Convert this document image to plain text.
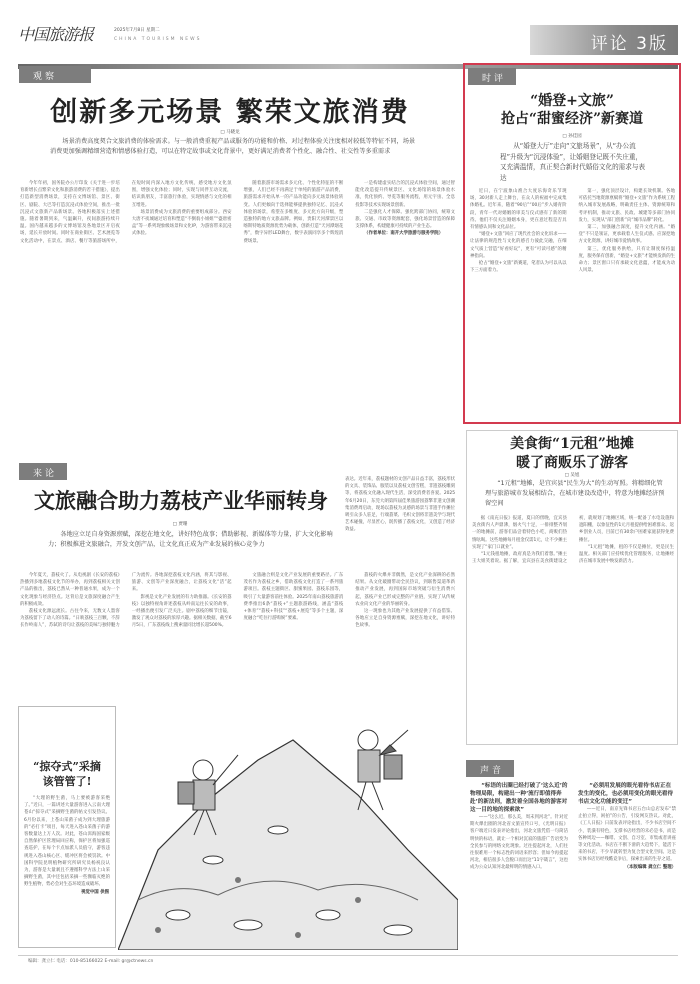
中国旅游报	2025年7月8日 星期二
CHINA TOURISM NEWS	评论 3版
观察
创新多元场景 繁荣文旅消费
□ 马晓龙
场景消费高度契合文旅消费的体验需求。与一般消费重视产品或服务的功能和价格、对过程体验关注度相对较低等特征不同，场景消费更加强调精细营造和情感体验打造，可以在特定故事或文化背景中，更好满足消费者个性化、融合性、社交性等多重需求

今年年初，国务院办公厅印发《关于进一步培育新增长点繁荣文化和旅游消费的若干措施》，提出打造新型消费场景，支持在文博场馆、景区、街区、剧院、大巴等打造沉浸式体验空间，推出一批沉浸式文旅新产品新场景。各地积极落实上述措施。随着暑期到来，气温飙升，夜间旅游持续升温。国内越来越多的文博场馆及各地景区开启夜场，延长开放时间。同时在商业街区、艺术展览等文化活动中，在景点、酒店、餐厅等旅游场所中，在短时间内深入地方文化传统，感受地方文化氛围，增强文化体验；同时，实现与同伴互动交流，结识新朋友，丰富旅行体验，实现情感与文化的相互增进。

场景消费成为文旅消费的重要组成部分。西安大唐不夜城通过培育和塑造“不倒翁小姐姐”“盛唐密盒”等一系列现象级场景和文化IP，为游客带来沉浸式体验。

随着旅游市场需求多元化、个性化特征的不断增强，人们已经不再满足于单纯的旅游产品消费，旅游需求开始从单一的产品功能向多元场景体验转变。人们更倾向于选择能够提供独特记忆、沉浸式体验的场景，希望在多维度、多元化方向升级，塑造独特的地方文旅品牌。例如，贵阳天河潭景区以喀斯特地质资源优势为载体，创新打造“天河潭烟花秀”，数字异形LED舞台，数字表演同享多个辉煌消费场景。

一是构建虚实结合的沉浸式体验空间，通过智能化改造提升传统景区、文化场馆的场景体验水准，优化预约、导览等服务流程，用元宇宙、全息投影等技术实现场景创新。

二是强化人才保障。强化跨部门协同，统筹文旅、交通、市政等资源配套，强化场景营造的保障支撑体系，构建健康可持续的产业生态。

（作者单位：南开大学旅游与服务学院）

来论
文旅融合助力荔枝产业华丽转身
表达。近年来，荔枝题材的文创产品日益丰富，荔枝形状的文具、装饰品、服装以及荔枝文创雪糕，非遗荔枝雕刻等，将荔枝文化融入现代生活，深受消费者喜爱。2025年6月20日，东莞大朗第四届佳果旅游园荔擎非遗文创潮集消费周启动，现场以荔枝为灵感的场景与非遗手作摊位吸引众多人驻足，行端荔菜、毛织文创将非遗美学与现代艺术碰撞，尽显匠心，既传播了荔枝文化，又创造了经济效益。
□ 贾珊
各地应立足自身资源禀赋，深挖在地文化，讲好特色故事；借助影视、新媒体等力量，扩大文化影响力；积极推进文旅融合，开发文创产品，让文化真正成为产业发展的核心竞争力

今年夏天，荔枝火了。从电视剧《长安的荔枝》热播到多地荔枝文化节的举办，再到荔枝相关文创产品的推出，荔枝已然从一种普通水果，成为一个文化现象与经济热点。这背后是文旅深度融合产生的积极成效。

荔枝文化源远流长。古往今来，无数文人墨客为荔枝留下了动人的诗篇。“日啖荔枝三百颗，不辞长作岭南人”，苏轼的诗句让荔枝的美味与独特魅力广为流传。各地深挖荔枝文化内涵，将其与影视、旅游、文创等产业深度融合，让荔枝文化“活”起来。

影视是文化产业发展的有力助推器。《长安的荔枝》以独特视角讲述荔枝从岭南运往长安的故事，一经播出便引发广泛关注。剧中荔枝的细节出镜，激发了观众对荔枝的浓厚兴趣。据相关数据，截至6月5日，广东荔枝线上搜索量同比增长超500%。

文旅融合则是文化产业发展的重要路径。广东茂名作为荔枝之乡，借助荔枝文化打造了一系列旅游项目。荔枝主题街区、甜蜜果园、荔枝乐园等，吸引了大量游客前往体验。2025年南山荔枝旅游消费季推出6条“荔枝+”主题旅游路线，涵盖“荔枝+体育”“荔枝+科技”“荔枝+展览”等多个主题，深度融合“吃住行游购娱”要素。

荔枝的火爆并非偶然，是文化产业深耕的必然结果。从文化破圈带动全民热议，到联售渠道革新推动产业发展，再到国际市场突破与衍生消费兴起，荔枝产业已形成完整的产业链，实现了从传统农业向文化产业的华丽转身。

这一现象也为其他产业发展提供了有益借鉴。各地应立足自身资源禀赋，深挖在地文化，讲好特色故事。

“掠夺式”采摘
该管管了!
“大理的野生菌，马上要被游客采绝了。”近日，一篇讲述大量游客进入云南大理苍山“掠夺式”采摘野生菌的帖文引发热议。6月份以来，上苍山采菌子成为到大理旅游的“必打卡”项目，每天进入苍山采菌子的游客数量达上万人次。对此，苍山洱海国家级自然保护区管理局回应称，保护区将加强巡查巡护，在每个卡点加派人员值守，游客违规进入苍山核心区、缓冲区将会被罚款。中国科学院昆明植物研究所研究员杨祝良认为，游客是大量剥且不遵循科学方法上山采摘野生菌，其中还包括采摘一些濒临灭绝的野生植物，势必会对生态环境造成破坏。
视觉中国 供图
时评
“婚登+文旅”
抢占“甜蜜经济”新赛道
□ 孙佳园
从“婚登大厅”走向“文旅场景”，从“办公流程”升级为“沉浸体验”，让婚姻登记既不失庄重，又充满温情，真正契合新时代婚俗文化的需求与表达

近日，在宁波象山渔合大度乐海奇乐节现场，30对新人走上舞台，在众人的祝福中完成集体婚礼。近年来，随着“90后”“00后”步入婚育阶段，青年一代对婚姻的审美与仪式感有了新的期待。他们不仅关注婚姻本身，更在意过程是否具有情感认同和文化品位。

“婚登+文旅”回应了现代社会的文化诉求——让法律的规范性与文化的感召力彼此交融，在细文气质上营造“好看好玩”，更有“可读可感”的精神指向。

抢占“婚登+文旅”新赛道，笔者认为可以从以下三方面着力。

第一，强化顶层设计，构建长效机制。各地可依托当地资源禀赋将“婚登+文旅”作为系统工程纳入城市发展战略，明确责任主体、资源统筹和考评机制，推动文旅、民政、城建等多部门协同发力，实现从“部门创新”向“城市品牌”转化。

第二，加强融合深度，提升文化内涵。“婚登”不只是领证，更承载着人生仪式感。应深挖地方文化资源，讲好城市爱情故事。

第三，优化服务供给，只有让制度保持温度，服务保有创新，“婚登+文旅”才能焕发新的生命力；景区窗口只有承载文化意蕴，才能成为动人风景。

美食街“1元租”地摊
暖了商贩乐了游客
□ 吴旭
“1元租”地摊，是宜宾县“民生为大”的生动写照。将精细化管理与旅游城市发展相结合，在城市建设改造中，特意为地摊经济预留空间

据《南充日报》报道，夏日的傍晚，宜宾县美食街内人声鼎沸，烟火气十足，一排排整齐划一的地摊前，游客们品尝着特色小吃，商贩们热情吆喝。这些地摊每月租金仅需1元，让不少摊主实现了“家门口就业”。

“1元钱租地摊，政府真是为我们着想。”摊主王大姐笑着说。据了解，宜宾县在美食街建设之初，就规划了地摊区域，统一配备了水电设施和遮阳棚，以象征性的1元月租提供给困难群众、返乡创业人员，目前已有30余户困难家庭获得免费摊位。

“1元租”地摊，租的不仅是摊位，更是民生温度。相关部门应持续优化管理服务，让地摊经济在城市发展中焕发新活力。

声音
“标语的出圈已经打破了‘这么近’的物理局限，构建出一种‘流行即值得奔赴’的新法则，激发着全国各地的游客对这一目的地的探索欲”
——“这么近，那么美，周末到河北”。针对近期火爆出圈的河北省文旅宣传口号，《光明日报》客户端近日发表评论指出，河北文旅凭借一句简洁明快的标语，就让一个相对沉寂的旅游广告语变为全民参与的网络文化现象。过往提起河北，人们往往很难用一个标志性的词语来形容；但如今再提起河北，相信很多人会脱口而出这“11字箴言”，这也成为公众认知河北最鲜明的情感入口。
“必须用发展的眼光看待书店正在发生的变化，也必须用变化的眼光看待书店文化功能的变迁”
——近日，南京先锋书店五台山总店发布“禁止拍立得，闲拍”的公告，引发网友热议。对此，《工人日报》日前发表评论指出，不少书店空间不小，装潢有特色，支撑书店经营的未必是书，而是各种周边——咖啡、文创、自习室、市集或者讲座等文化活动。书店在不断下滑的大趋势下，能活下来的书店，不少早就转型为复合型文化空间。这是实体书店历经残酷竞争后，探索出来的生存之道。
（本版编辑 龚立仁 整理）
编辑：龚立仁 电话：010-85166022 E-mail: gr@ctnews.cn
